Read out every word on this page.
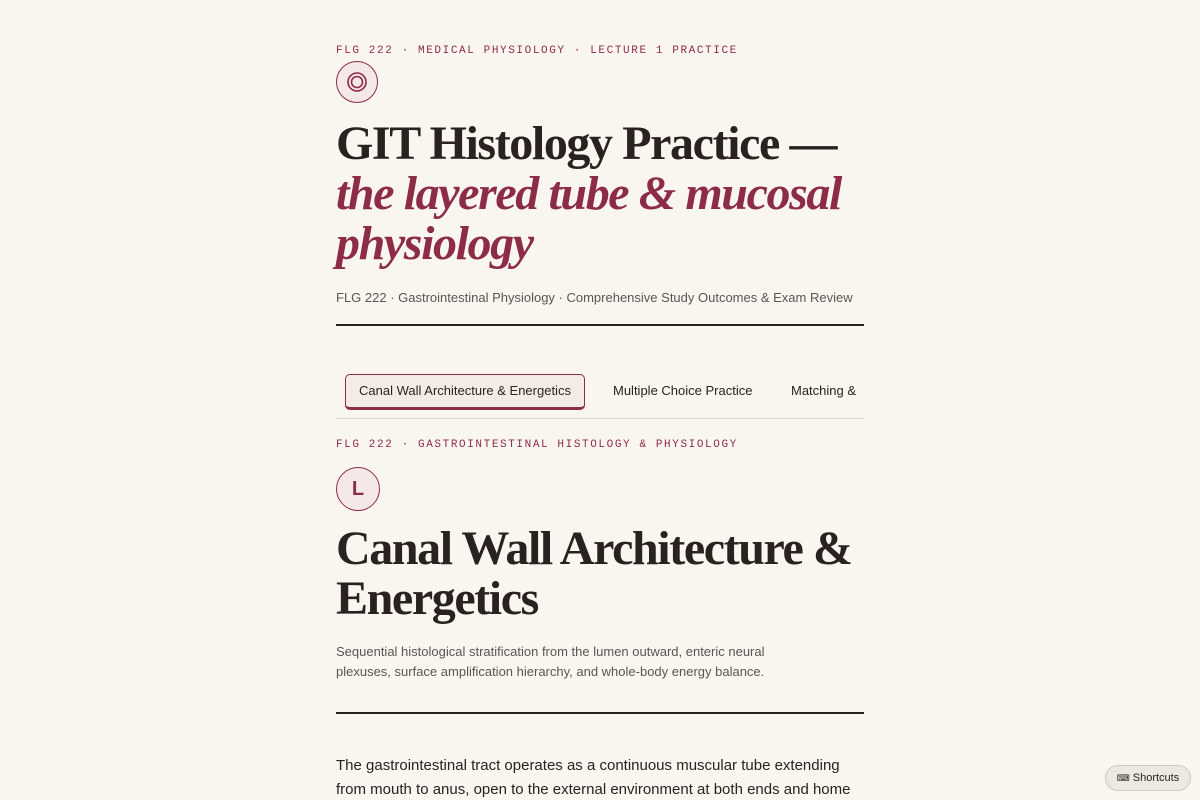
FLG 222 · MEDICAL PHYSIOLOGY · LECTURE 1 PRACTICE
GIT Histology Practice —
the layered tube & mucosal
physiology
FLG 222 · Gastrointestinal Physiology · Comprehensive Study Outcomes & Exam Review
Canal Wall Architecture & Energetics	Multiple Choice Practice	Matching &
FLG 222 · GASTROINTESTINAL HISTOLOGY & PHYSIOLOGY
L
Canal Wall Architecture &
Energetics
Sequential histological stratification from the lumen outward, enteric neural
plexuses, surface amplification hierarchy, and whole-body energy balance.
The gastrointestinal tract operates as a continuous muscular tube extending
from mouth to anus, open to the external environment at both ends and home
⌨ Shortcuts
